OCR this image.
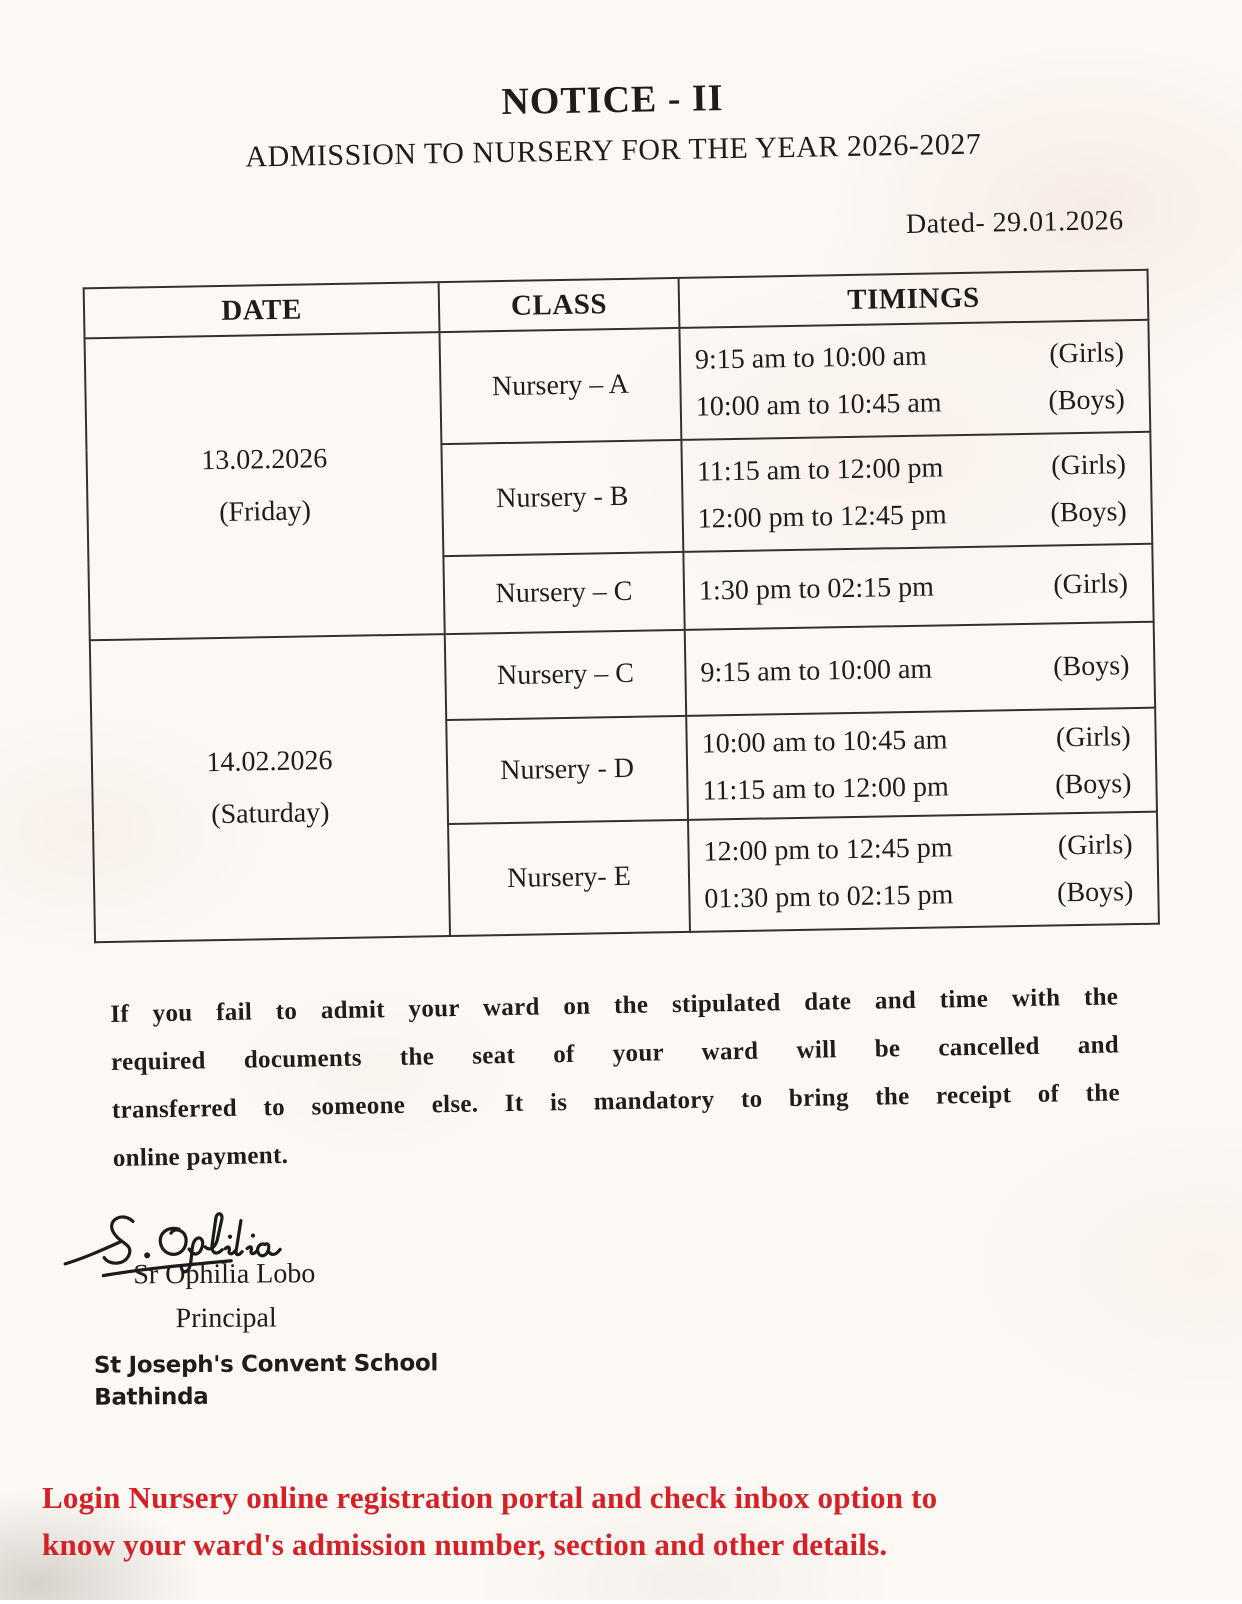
NOTICE - II
ADMISSION TO NURSERY FOR THE YEAR 2026-2027
Dated- 29.01.2026
DATE	CLASS	TIMINGS

13.02.2026
(Friday)
	Nursery – A	
9:15 am to 10:00 am	(Girls)
10:00 am to 10:45 am	(Boys)

	Nursery - B	11:15 am to 12:00 pm (Girls)
12:00 pm to 12:45 pm (Boys)

	Nursery – C	1:30 pm to 02:15 pm (Girls)

14.02.2026
(Saturday)
	Nursery – C	9:15 am to 10:00 am	(Boys)

	Nursery - D	10:00 am to 10:45 am (Girls)
11:15 am to 12:00 pm (Boys)

	Nursery- E	12:00 pm to 12:45 pm (Girls)
01:30 pm to 02:15 pm (Boys)
If you fail to admit your ward on the stipulated date and time with the
required documents the seat of your ward will be cancelled and
transferred to someone else. It is mandatory to bring the receipt of the
online payment.
Sr Ophilia Lobo
Principal
St Joseph's Convent School
Bathinda
Login Nursery online registration portal and check inbox option to
know your ward's admission number, section and other details.
